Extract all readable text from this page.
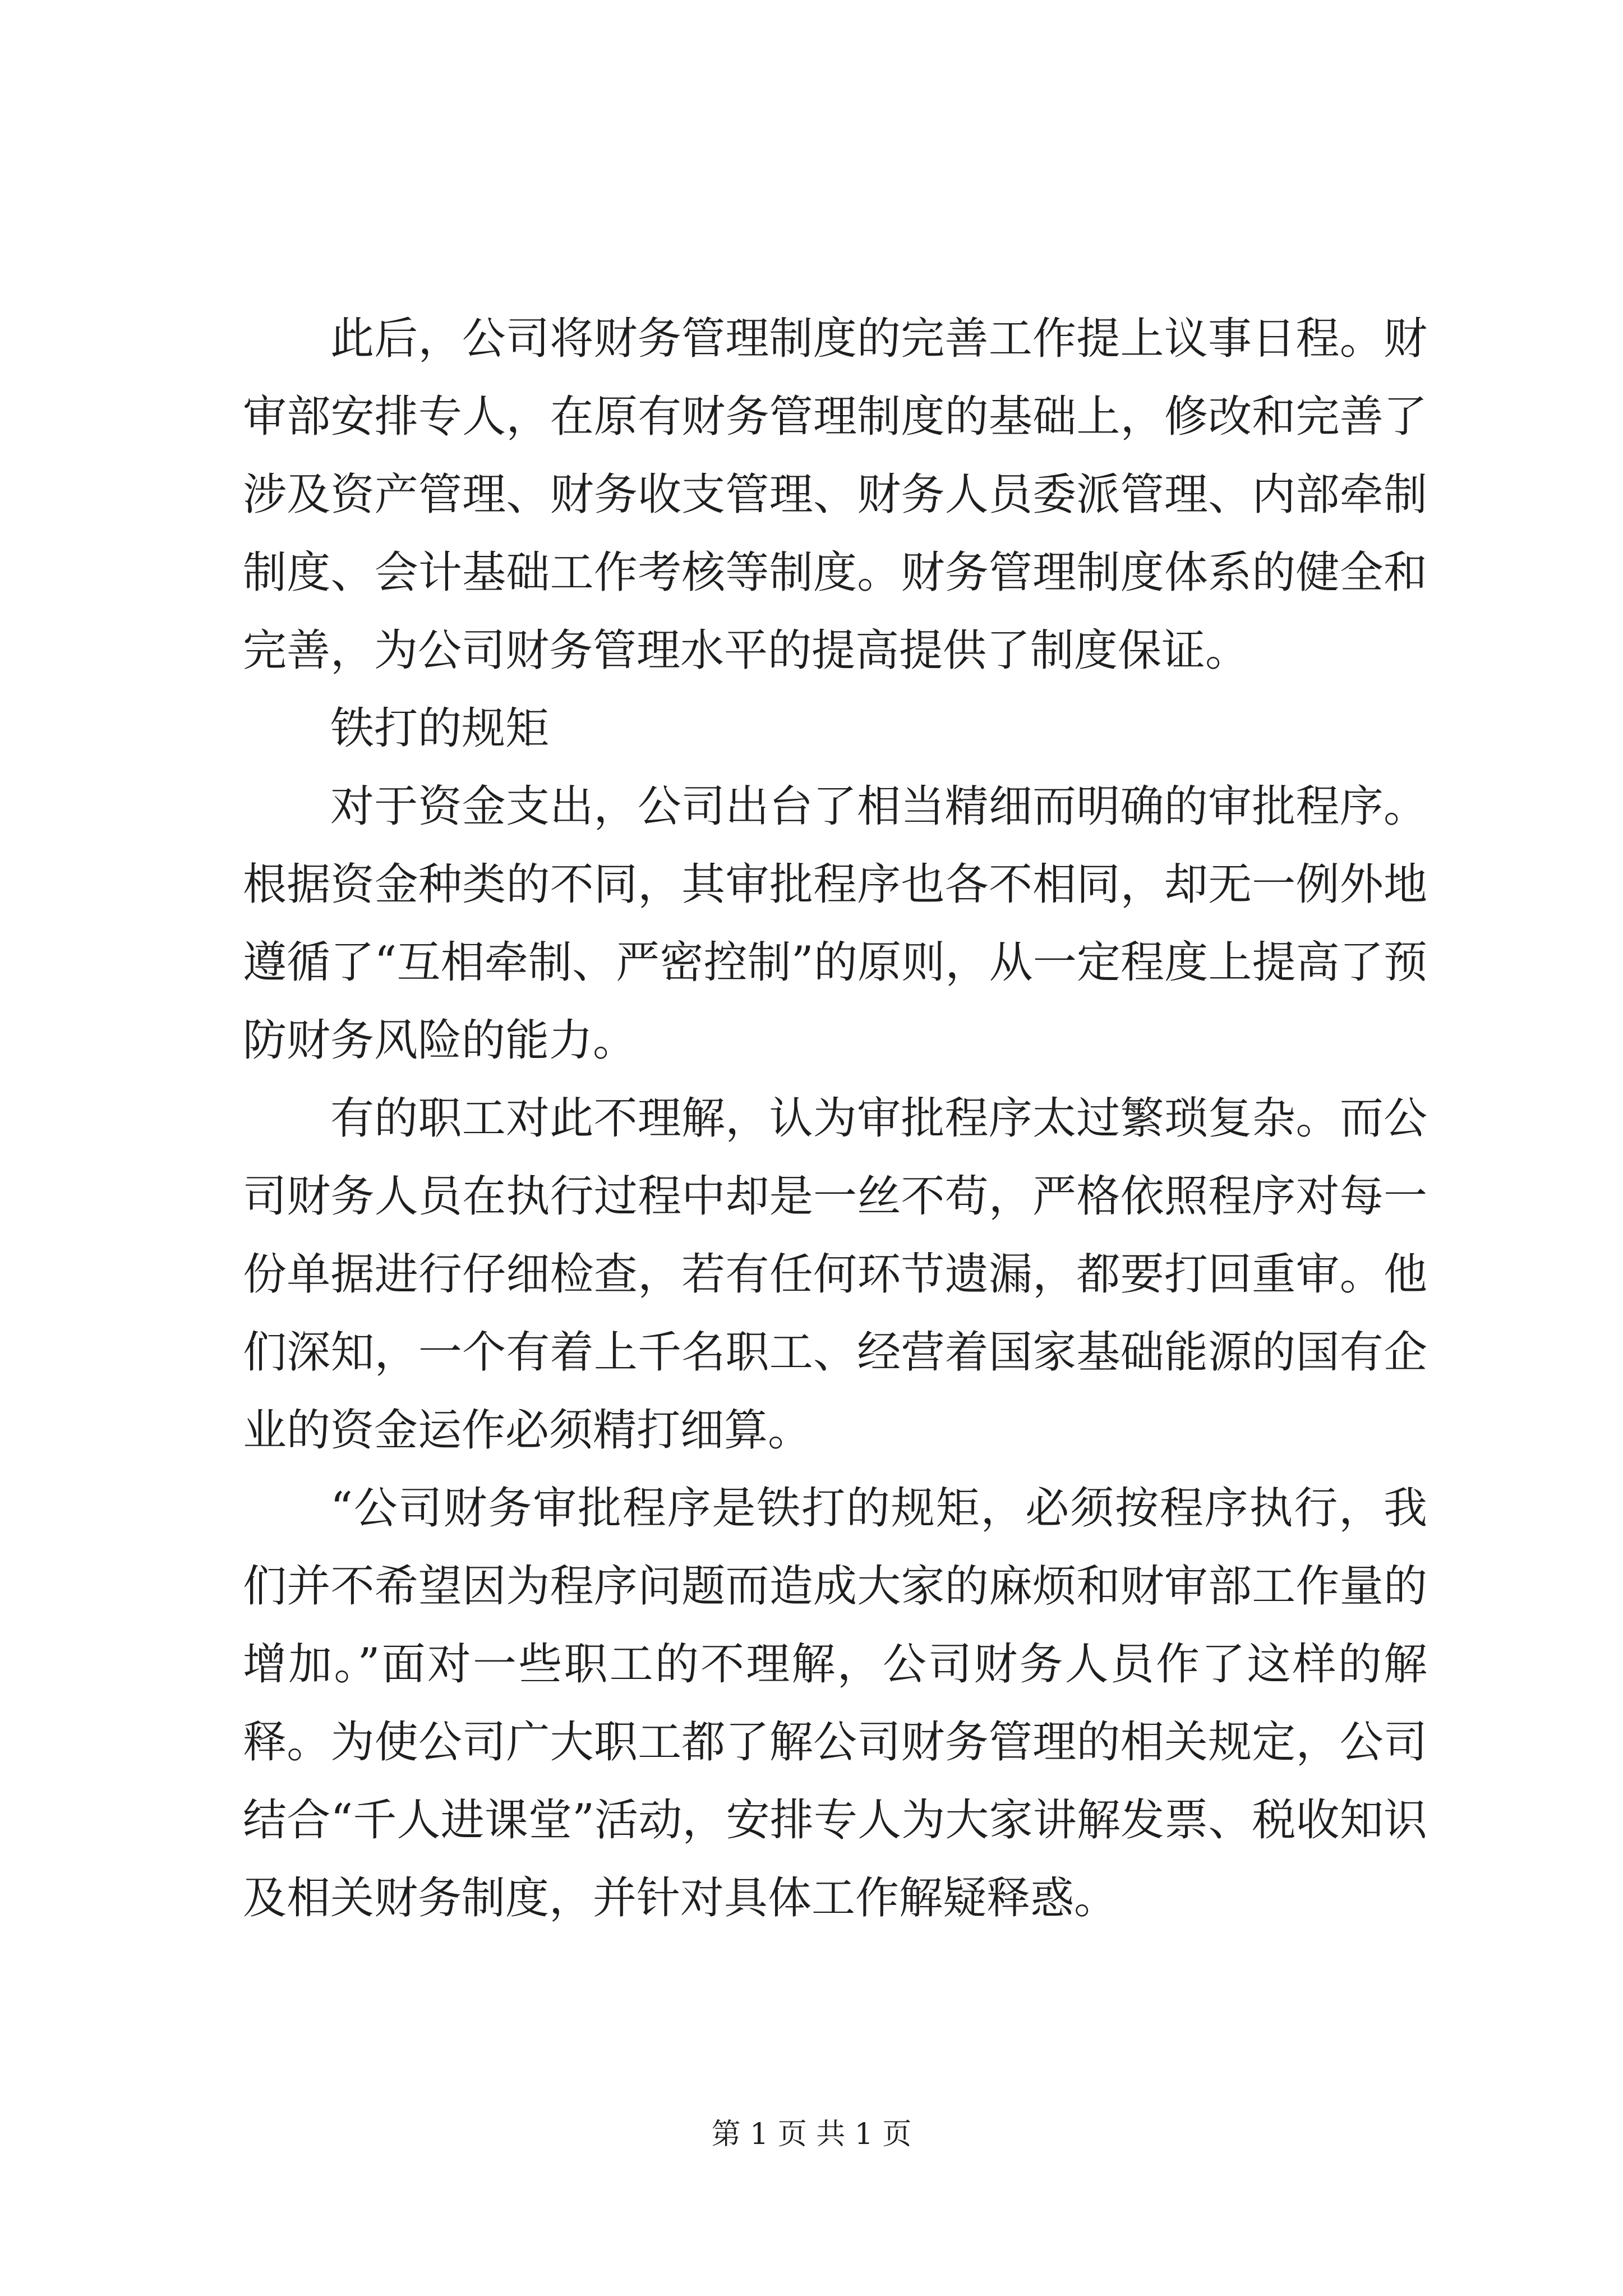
此后，公司将财务管理制度的完善工作提上议事日程。财审部安排专人，在原有财务管理制度的基础上，修改和完善了涉及资产管理、财务收支管理、财务人员委派管理、内部牵制制度、会计基础工作考核等制度。财务管理制度体系的健全和完善，为公司财务管理水平的提高提供了制度保证。

铁打的规矩

对于资金支出，公司出台了相当精细而明确的审批程序。根据资金种类的不同，其审批程序也各不相同，却无一例外地遵循了“互相牵制、严密控制”的原则，从一定程度上提高了预防财务风险的能力。

有的职工对此不理解，认为审批程序太过繁琐复杂。而公司财务人员在执行过程中却是一丝不苟，严格依照程序对每一份单据进行仔细检查，若有任何环节遗漏，都要打回重审。他们深知，一个有着上千名职工、经营着国家基础能源的国有企业的资金运作必须精打细算。

“公司财务审批程序是铁打的规矩，必须按程序执行，我们并不希望因为程序问题而造成大家的麻烦和财审部工作量的增加。”面对一些职工的不理解，公司财务人员作了这样的解释。为使公司广大职工都了解公司财务管理的相关规定，公司结合“千人进课堂”活动，安排专人为大家讲解发票、税收知识及相关财务制度，并针对具体工作解疑释惑。

第 1 页 共 1 页
